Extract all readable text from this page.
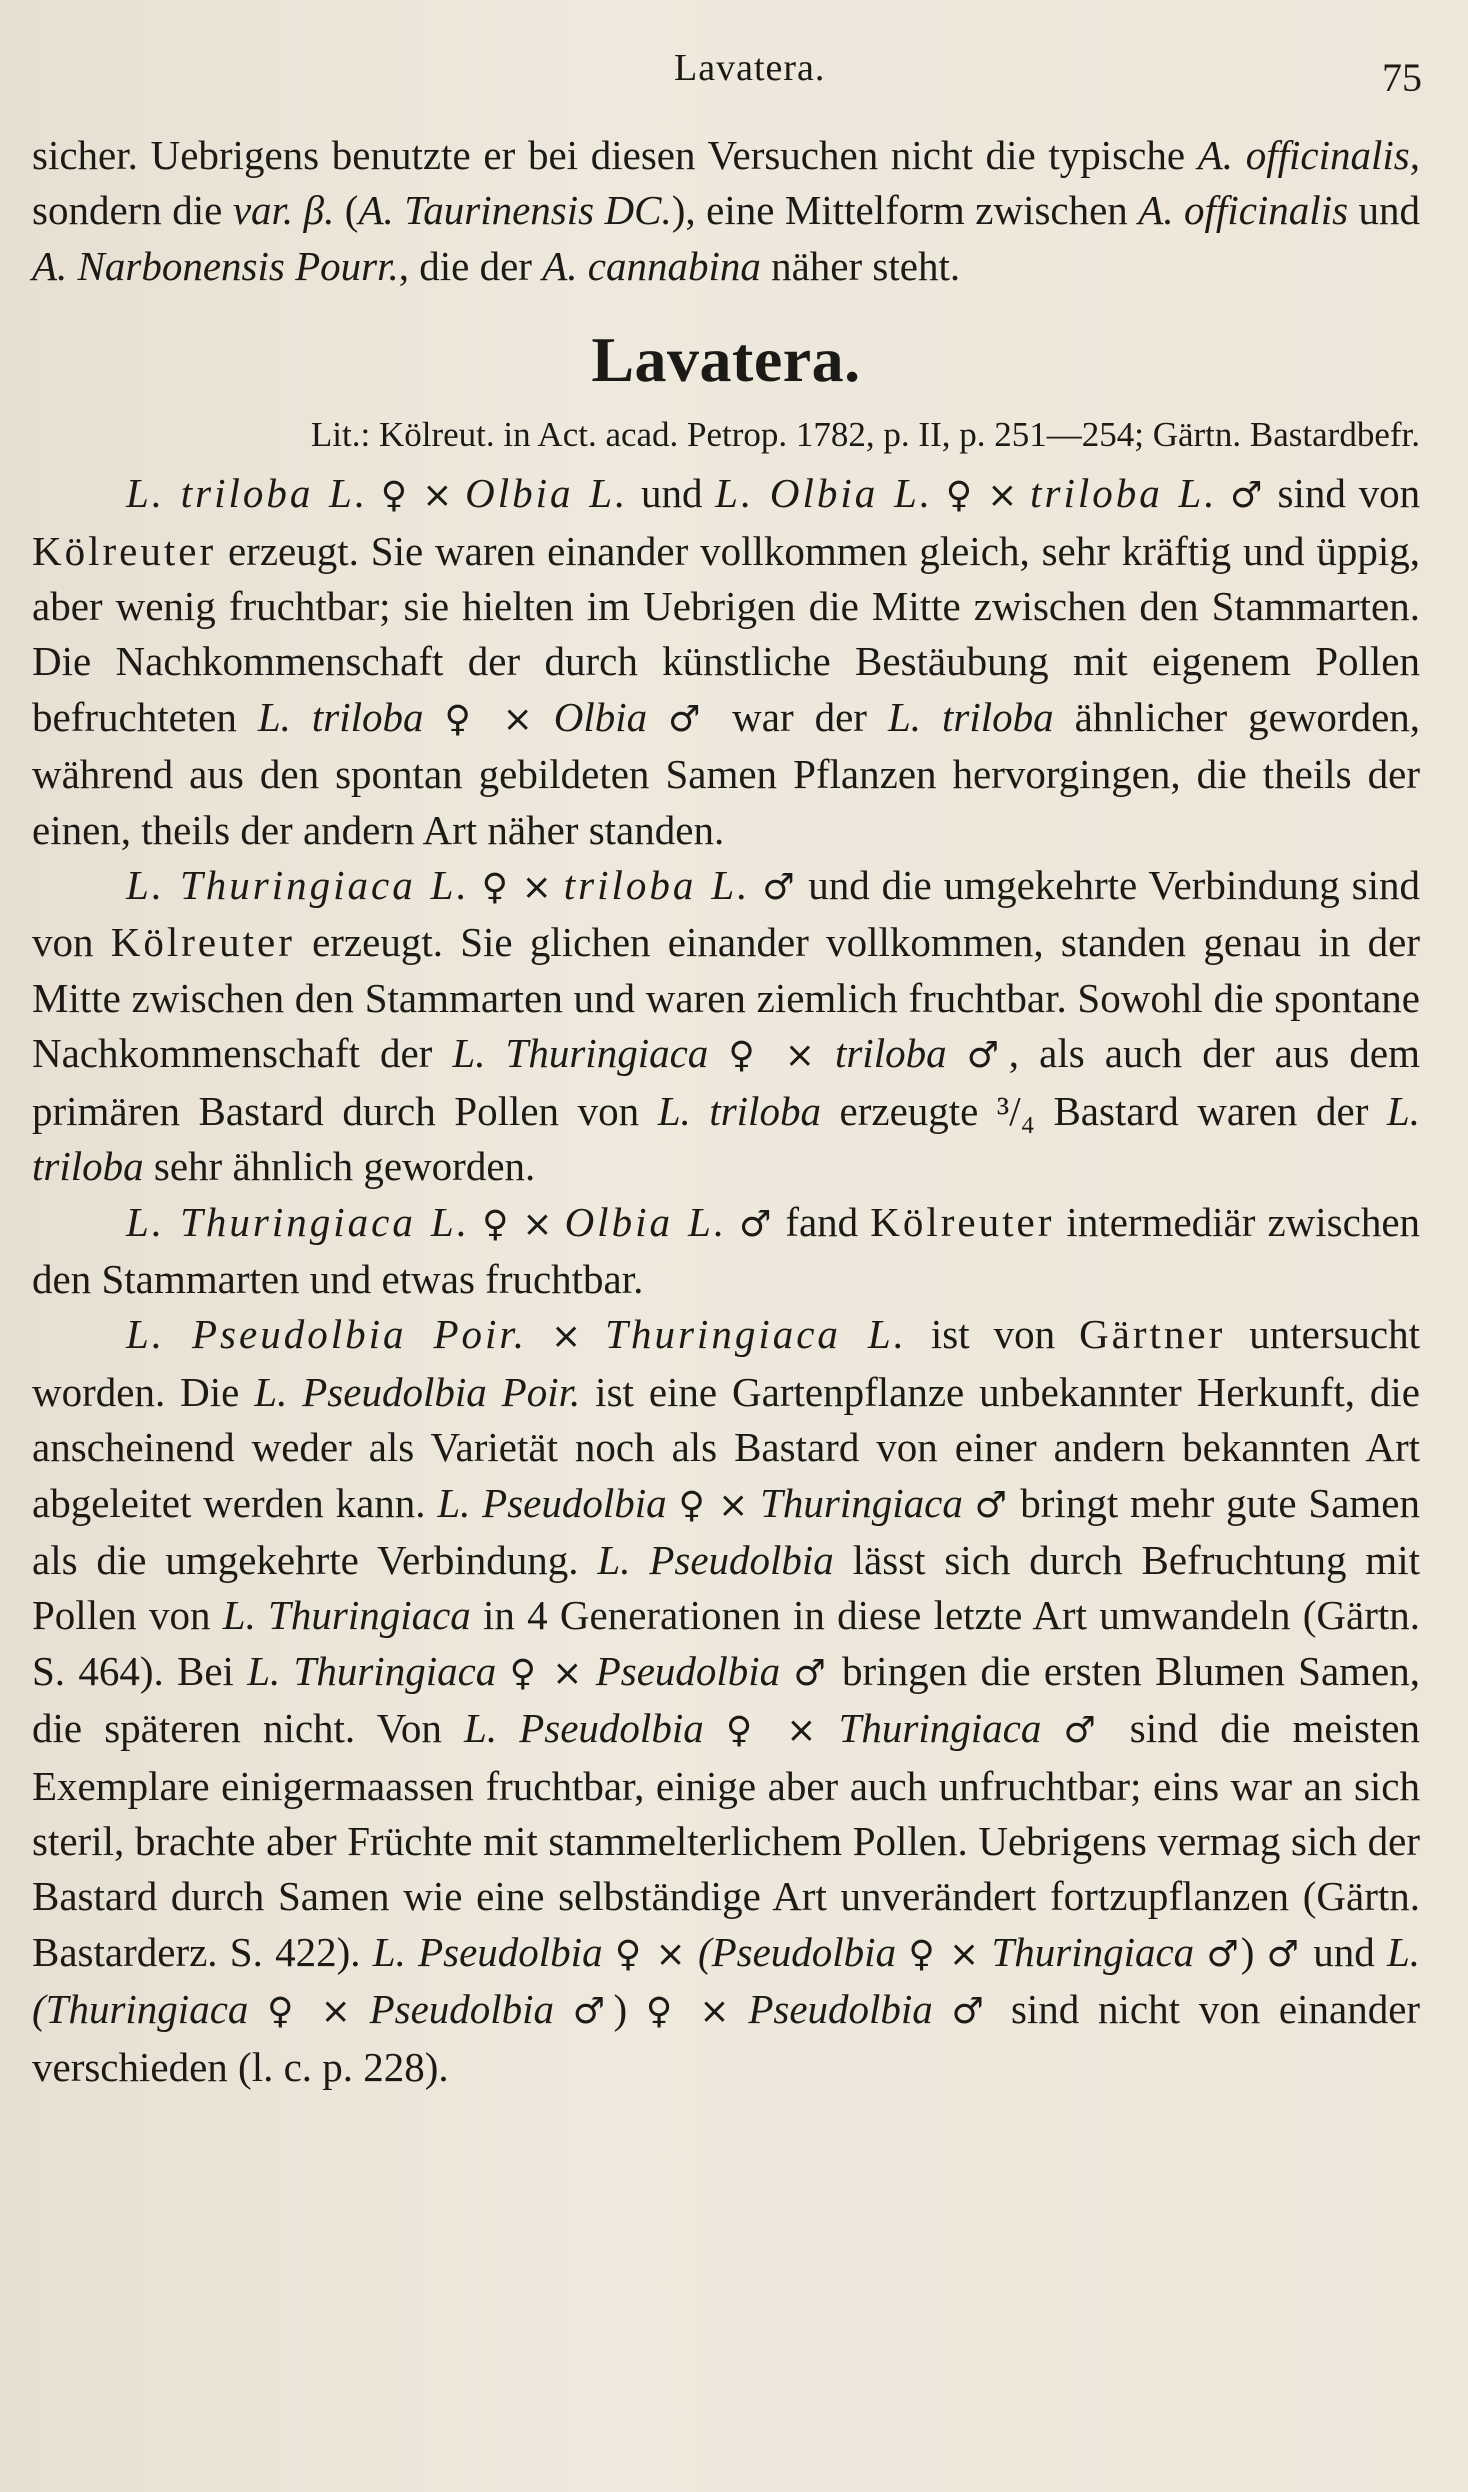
Lavatera.	75

sicher. Uebrigens benutzte er bei diesen Versuchen nicht die typische A. officinalis, sondern die var. β. (A. Taurinensis DC.), eine Mittelform zwischen A. officinalis und A. Narbonensis Pourr., die der A. cannabina näher steht.

Lavatera.
Lit.: Kölreut. in Act. acad. Petrop. 1782, p. II, p. 251—254; Gärtn. Bastardbefr.

L. triloba L. ♀ ⨯ Olbia L. und L. Olbia L. ♀ ⨯ triloba L. ♂ sind von Kölreuter erzeugt. Sie waren einander vollkommen gleich, sehr kräftig und üppig, aber wenig fruchtbar; sie hielten im Uebrigen die Mitte zwischen den Stammarten. Die Nachkommenschaft der durch künstliche Bestäubung mit eigenem Pollen befruchteten L. triloba ♀ ⨯ Olbia ♂ war der L. triloba ähnlicher geworden, während aus den spontan gebildeten Samen Pflanzen hervorgingen, die theils der einen, theils der andern Art näher standen.

L. Thuringiaca L. ♀ ⨯ triloba L. ♂ und die umgekehrte Verbindung sind von Kölreuter erzeugt. Sie glichen einander vollkommen, standen genau in der Mitte zwischen den Stammarten und waren ziemlich fruchtbar. Sowohl die spontane Nachkommenschaft der L. Thuringiaca ♀ ⨯ triloba ♂, als auch der aus dem primären Bastard durch Pollen von L. triloba erzeugte ³/₄ Bastard waren der L. triloba sehr ähnlich geworden.

L. Thuringiaca L. ♀ ⨯ Olbia L. ♂ fand Kölreuter intermediär zwischen den Stammarten und etwas fruchtbar.

L. Pseudolbia Poir. ⨯ Thuringiaca L. ist von Gärtner untersucht worden. Die L. Pseudolbia Poir. ist eine Gartenpflanze unbekannter Herkunft, die anscheinend weder als Varietät noch als Bastard von einer andern bekannten Art abgeleitet werden kann. L. Pseudolbia ♀ ⨯ Thuringiaca ♂ bringt mehr gute Samen als die umgekehrte Verbindung. L. Pseudolbia lässt sich durch Befruchtung mit Pollen von L. Thuringiaca in 4 Generationen in diese letzte Art umwandeln (Gärtn. S. 464). Bei L. Thuringiaca ♀ ⨯ Pseudolbia ♂ bringen die ersten Blumen Samen, die späteren nicht. Von L. Pseudolbia ♀ ⨯ Thuringiaca ♂ sind die meisten Exemplare einigermaassen fruchtbar, einige aber auch unfruchtbar; eins war an sich steril, brachte aber Früchte mit stammelterlichem Pollen. Uebrigens vermag sich der Bastard durch Samen wie eine selbständige Art unverändert fortzupflanzen (Gärtn. Bastarderz. S. 422). L. Pseudolbia ♀ ⨯ (Pseudolbia ♀ ⨯ Thuringiaca ♂) ♂ und L. (Thuringiaca ♀ ⨯ Pseudolbia ♂) ♀ ⨯ Pseudolbia ♂ sind nicht von einander verschieden (l. c. p. 228).
